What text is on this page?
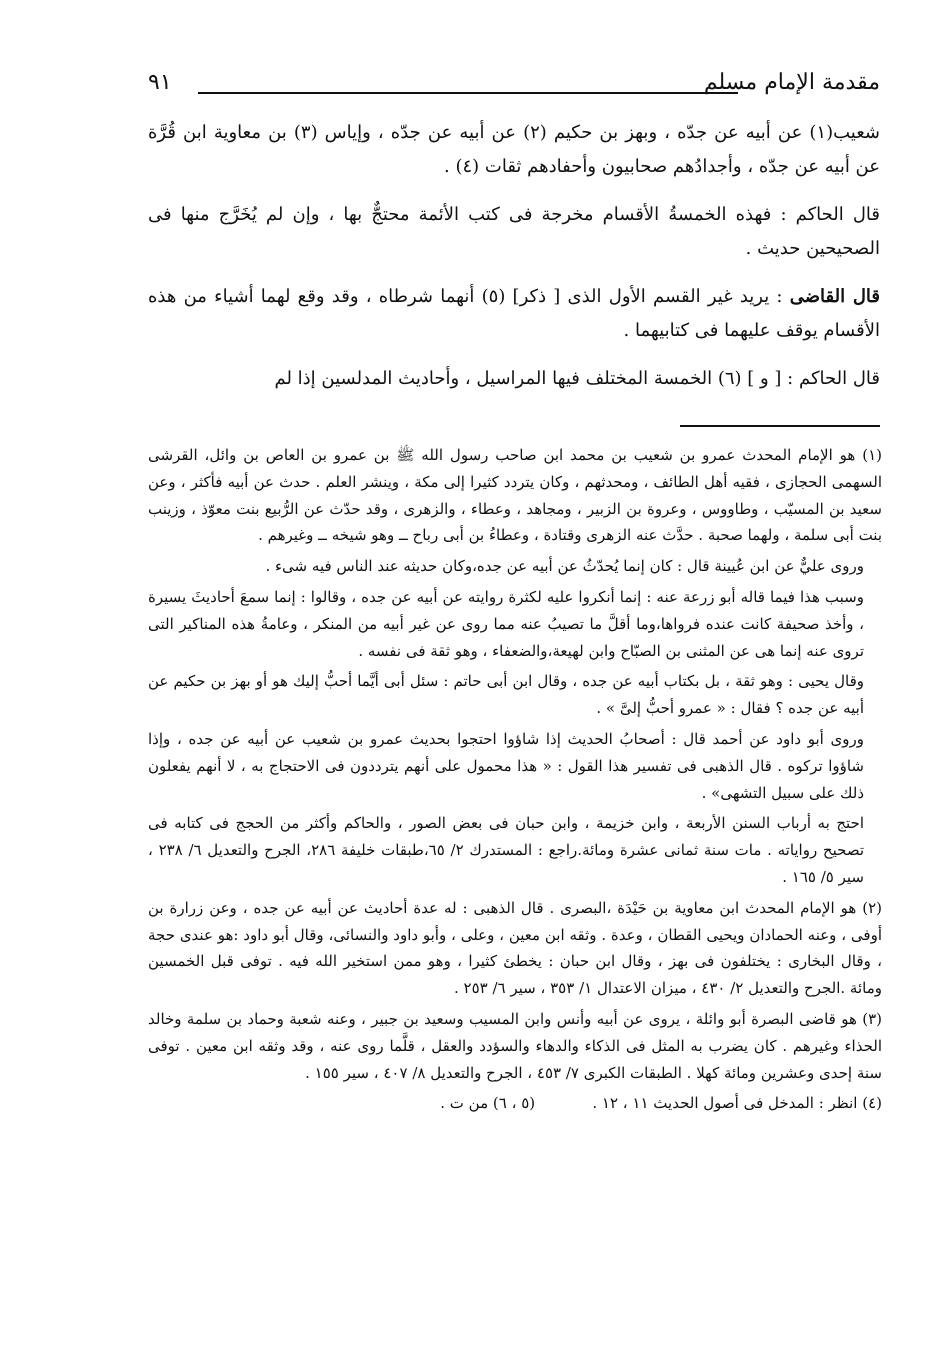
مقدمة الإمام مسلم
٩١

شعيب(١) عن أبيه عن جدّه ، وبهز بن حكيم (٢) عن أبيه عن جدّه ، وإياس (٣) بن معاوية ابن قُرَّة عن أبيه عن جدّه ، وأجدادُهم صحابيون وأحفادهم ثقات (٤) .

قال الحاكم : فهذه الخمسةُ الأقسام مخرجة فى كتب الأئمة محتجٌّ بها ، وإن لم يُخَرَّج منها فى الصحيحين حديث .

قال القاضى : يريد غير القسم الأول الذى [ ذكر] (٥) أنهما شرطاه ، وقد وقع لهما أشياء من هذه الأقسام يوقف عليهما فى كتابيهما .

قال الحاكم : [ و ] (٦) الخمسة المختلف فيها المراسيل ، وأحاديث المدلسين إذا لم

(١) هو الإمام المحدث عمرو بن شعيب بن محمد ابن صاحب رسول الله ﷺ بن عمرو بن العاص بن وائل، القرشى السهمى الحجازى ، فقيه أهل الطائف ، ومحدثهم ، وكان يتردد كثيرا إلى مكة ، وينشر العلم . حدث عن أبيه فأكثر ، وعن سعيد بن المسيّب ، وطاووس ، وعروة بن الزبير ، ومجاهد ، وعطاء ، والزهرى ، وقد حدّث عن الرُّبيع بنت معوّذ ، وزينب بنت أبى سلمة ، ولهما صحبة . حدَّث عنه الزهرى وقتادة ، وعطاءُ بن أبى رباح ــ وهو شيخه ــ وغيرهم .

وروى عليٌّ عن ابن عُيينة قال : كان إنما يُحدّثُ عن أبيه عن جده،وكان حديثه عند الناس فيه شىء .

وسبب هذا فيما قاله أبو زرعة عنه : إنما أنكروا عليه لكثرة روايته عن أبيه عن جده ، وقالوا : إنما سمعَ أحاديثَ يسيرة ، وأخذ صحيفة كانت عنده فرواها،وما أقلَّ ما تصيبُ عنه مما روى عن غير أبيه من المنكر ، وعامةُ هذه المناكير التى تروى عنه إنما هى عن المثنى بن الصبّاح وابن لهيعة،والضعفاء ، وهو ثقة فى نفسه .

وقال يحيى : وهو ثقة ، بل بكتاب أبيه عن جده ، وقال ابن أبى حاتم : سئل أبى أيَّما أحبُّ إليك هو أو بهز بن حكيم عن أبيه عن جده ؟ فقال : « عمرو أحبُّ إلىَّ » .

وروى أبو داود عن أحمد قال : أصحابُ الحديث إذا شاؤوا احتجوا بحديث عمرو بن شعيب عن أبيه عن جده ، وإذا شاؤوا تركوه . قال الذهبى فى تفسير هذا القول : « هذا محمول على أنهم يترددون فى الاحتجاج به ، لا أنهم يفعلون ذلك على سبيل التشهى» .

احتج به أرباب السنن الأربعة ، وابن خزيمة ، وابن حبان فى بعض الصور ، والحاكم وأكثر من الحجج فى كتابه فى تصحيح رواياته . مات سنة ثمانى عشرة ومائة.راجع : المستدرك ٢/ ٦٥،طبقات خليفة ٢٨٦، الجرح والتعديل ٦/ ٢٣٨ ، سير ٥/ ١٦٥ .

(٢) هو الإمام المحدث ابن معاوية بن حَيْدَة ،البصرى . قال الذهبى : له عدة أحاديث عن أبيه عن جده ، وعن زرارة بن أوفى ، وعنه الحمادان ويحيى القطان ، وعدة . وثقه ابن معين ، وعلى ، وأبو داود والنسائى، وقال أبو داود :هو عندى حجة ، وقال البخارى : يختلفون فى بهز ، وقال ابن حبان : يخطئ كثيرا ، وهو ممن استخير الله فيه . توفى قبل الخمسين ومائة .الجرح والتعديل ٢/ ٤٣٠ ، ميزان الاعتدال ١/ ٣٥٣ ، سير ٦/ ٢٥٣ .

(٣) هو قاضى البصرة أبو وائلة ، يروى عن أبيه وأنس وابن المسيب وسعيد بن جبير ، وعنه شعبة وحماد بن سلمة وخالد الحذاء وغيرهم . كان يضرب به المثل فى الذكاء والدهاء والسؤدد والعقل ، قلَّما روى عنه ، وقد وثقه ابن معين . توفى سنة إحدى وعشرين ومائة كهلا . الطبقات الكبرى ٧/ ٤٥٣ ، الجرح والتعديل ٨/ ٤٠٧ ، سير ١٥٥ .

(٤) انظر : المدخل فى أصول الحديث ١١ ، ١٢ .            (٥ ، ٦) من ت .
